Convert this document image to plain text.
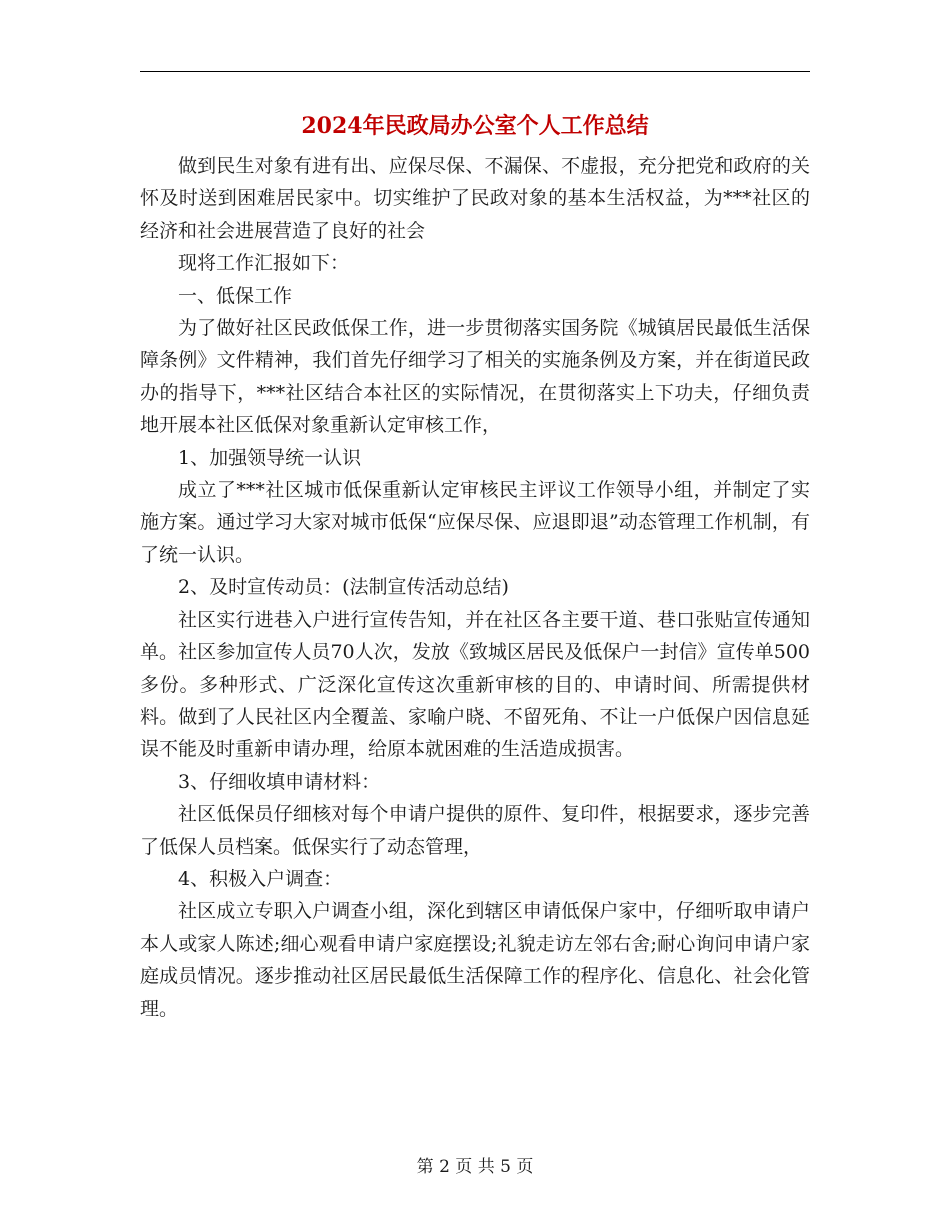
2024年民政局办公室个人工作总结

做到民生对象有进有出、应保尽保、不漏保、不虚报，充分把党和政府的关怀及时送到困难居民家中。切实维护了民政对象的基本生活权益，为***社区的经济和社会进展营造了良好的社会

现将工作汇报如下：

一、低保工作

为了做好社区民政低保工作，进一步贯彻落实国务院《城镇居民最低生活保障条例》文件精神，我们首先仔细学习了相关的实施条例及方案，并在街道民政办的指导下，***社区结合本社区的实际情况，在贯彻落实上下功夫，仔细负责地开展本社区低保对象重新认定审核工作，

1、加强领导统一认识

成立了***社区城市低保重新认定审核民主评议工作领导小组，并制定了实施方案。通过学习大家对城市低保“应保尽保、应退即退”动态管理工作机制，有了统一认识。

2、及时宣传动员：(法制宣传活动总结)

社区实行进巷入户进行宣传告知，并在社区各主要干道、巷口张贴宣传通知单。社区参加宣传人员70人次，发放《致城区居民及低保户一封信》宣传单500多份。多种形式、广泛深化宣传这次重新审核的目的、申请时间、所需提供材料。做到了人民社区内全覆盖、家喻户晓、不留死角、不让一户低保户因信息延误不能及时重新申请办理，给原本就困难的生活造成损害。

3、仔细收填申请材料：

社区低保员仔细核对每个申请户提供的原件、复印件，根据要求，逐步完善了低保人员档案。低保实行了动态管理，

4、积极入户调查：

社区成立专职入户调查小组，深化到辖区申请低保户家中，仔细听取申请户本人或家人陈述;细心观看申请户家庭摆设;礼貌走访左邻右舍;耐心询问申请户家庭成员情况。逐步推动社区居民最低生活保障工作的程序化、信息化、社会化管理。

第 2 页 共 5 页
